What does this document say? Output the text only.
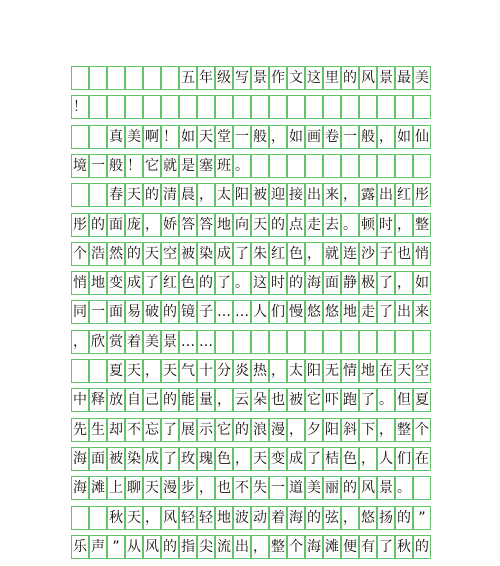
五 年 级 写 景 作 文 这 里 的 风 景 最 美
！
真 美 啊 ！ 如 天 堂 一 般 ， 如 画 卷 一 般 ， 如 仙
境 一 般 ！ 它 就 是 塞 班 。
春 天 的 清 晨 ， 太 阳 被 迎 接 出 来 ， 露 出 红 彤
彤 的 面 庞 ， 娇 答 答 地 向 天 的 点 走 去 。 顿 时 ， 整
个 浩 然 的 天 空 被 染 成 了 朱 红 色 ， 就 连 沙 子 也 悄
悄 地 变 成 了 红 色 的 了 。 这 时 的 海 面 静 极 了 ， 如
同 一 面 易 破 的 镜 子 … … 人 们 慢 悠 悠 地 走 了 出 来
， 欣 赏 着 美 景 … …
夏 天 ， 天 气 十 分 炎 热 ， 太 阳 无 情 地 在 天 空
中 释 放 自 己 的 能 量 ， 云 朵 也 被 它 吓 跑 了 。 但 夏
先 生 却 不 忘 了 展 示 它 的 浪 漫 ， 夕 阳 斜 下 ， 整 个
海 面 被 染 成 了 玫 瑰 色 ， 天 变 成 了 桔 色 ， 人 们 在
海 滩 上 聊 天 漫 步 ， 也 不 失 一 道 美 丽 的 风 景 。
秋 天 ， 风 轻 轻 地 波 动 着 海 的 弦 ， 悠 扬 的 ”
乐 声 ” 从 风 的 指 尖 流 出 ， 整 个 海 滩 便 有 了 秋 的
